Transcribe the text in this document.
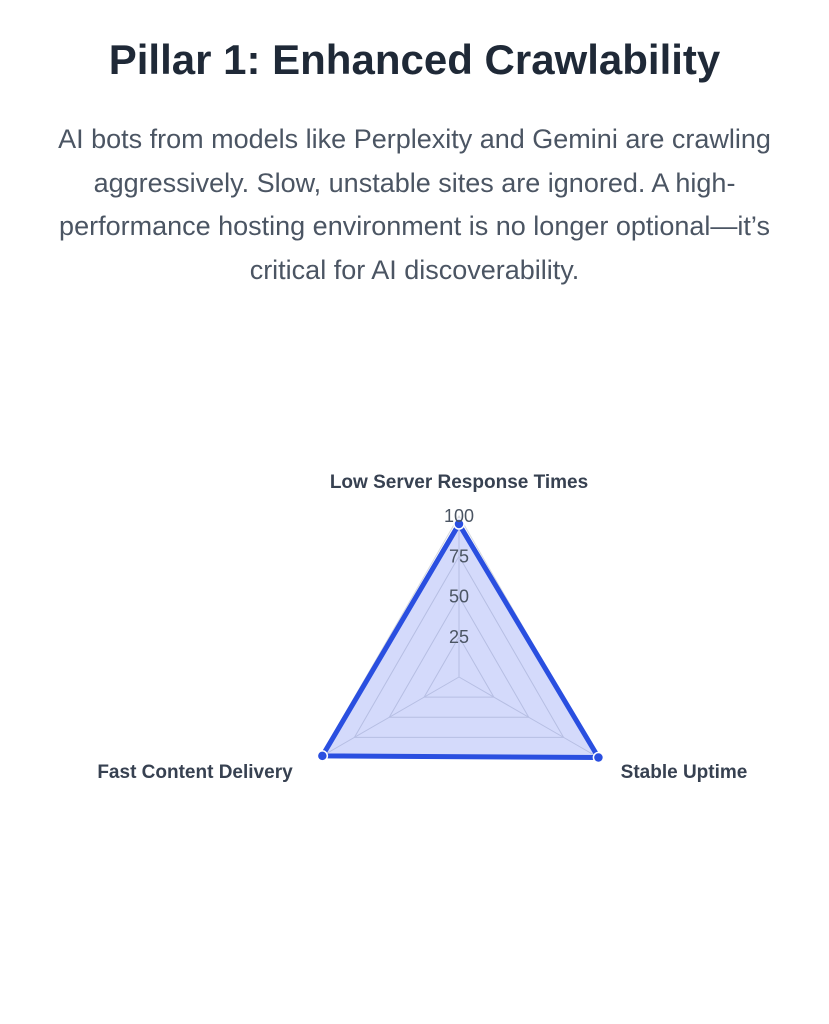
Pillar 1: Enhanced Crawlability

AI bots from models like Perplexity and Gemini are crawling aggressively. Slow, unstable sites are ignored. A high-performance hosting environment is no longer optional—it’s critical for AI discoverability.

25
50
75
100
Low Server Response Times
Stable Uptime
Fast Content Delivery
